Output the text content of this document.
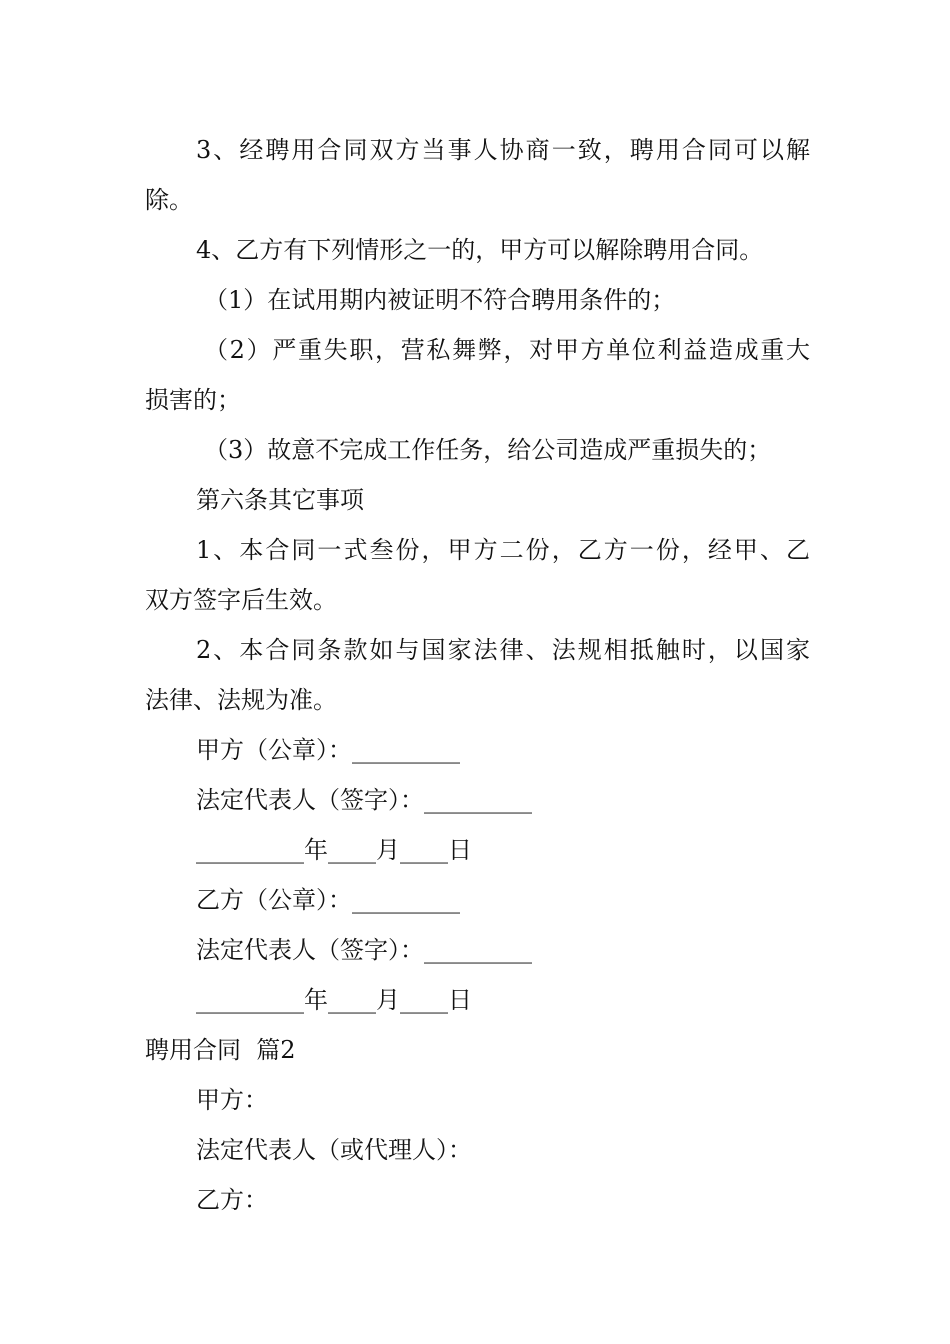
3、经聘用合同双方当事人协商一致，聘用合同可以解
除。
4、乙方有下列情形之一的，甲方可以解除聘用合同。
（1）在试用期内被证明不符合聘用条件的；
（2）严重失职，营私舞弊，对甲方单位利益造成重大
损害的；
（3）故意不完成工作任务，给公司造成严重损失的；
第六条其它事项
1、本合同一式叁份，甲方二份，乙方一份，经甲、乙
双方签字后生效。
2、本合同条款如与国家法律、法规相抵触时，以国家
法律、法规为准。
甲方（公章）：_________
法定代表人（签字）：_________
_________年____月____日
乙方（公章）：_________
法定代表人（签字）：_________
_________年____月____日
聘用合同  篇2
甲方：
法定代表人（或代理人）：
乙方：
